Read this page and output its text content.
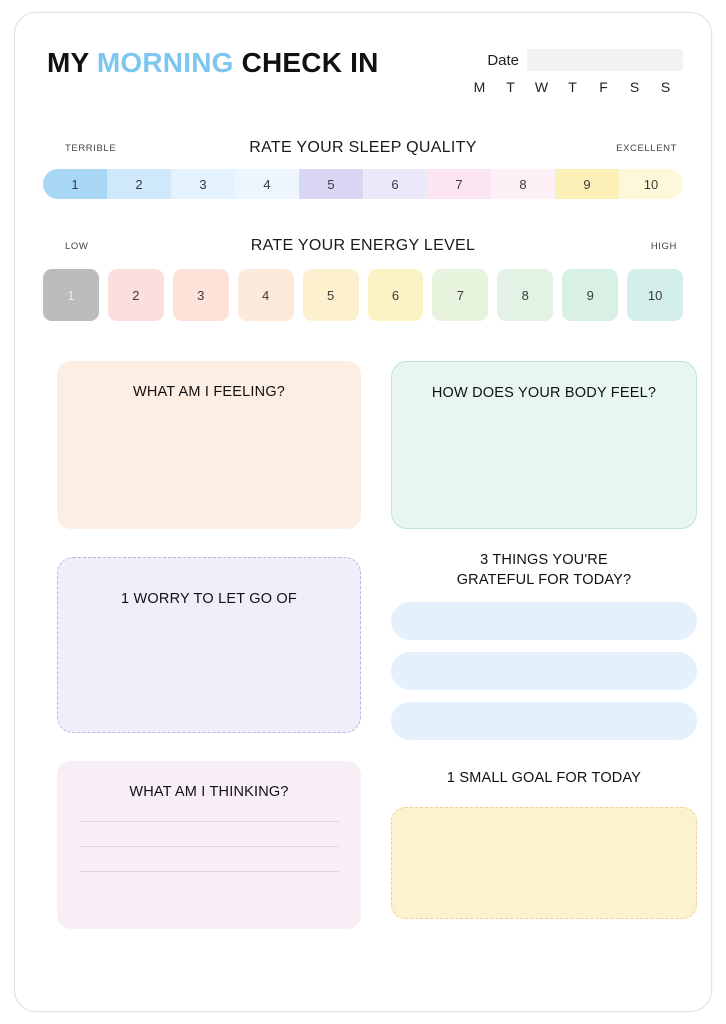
MY MORNING CHECK IN	Date
M	T	W	T	F	S	S
TERRIBLE	RATE YOUR SLEEP QUALITY	EXCELLENT
1	2	3	4	5	6	7	8	9	10
LOW	RATE YOUR ENERGY LEVEL	HIGH
1	2	3	4	5	6	7	8	9	10
WHAT AM I FEELING?	HOW DOES YOUR BODY FEEL?
1 WORRY TO LET GO OF
3 THINGS YOU'RE
GRATEFUL FOR TODAY?
WHAT AM I THINKING?
1 SMALL GOAL FOR TODAY
